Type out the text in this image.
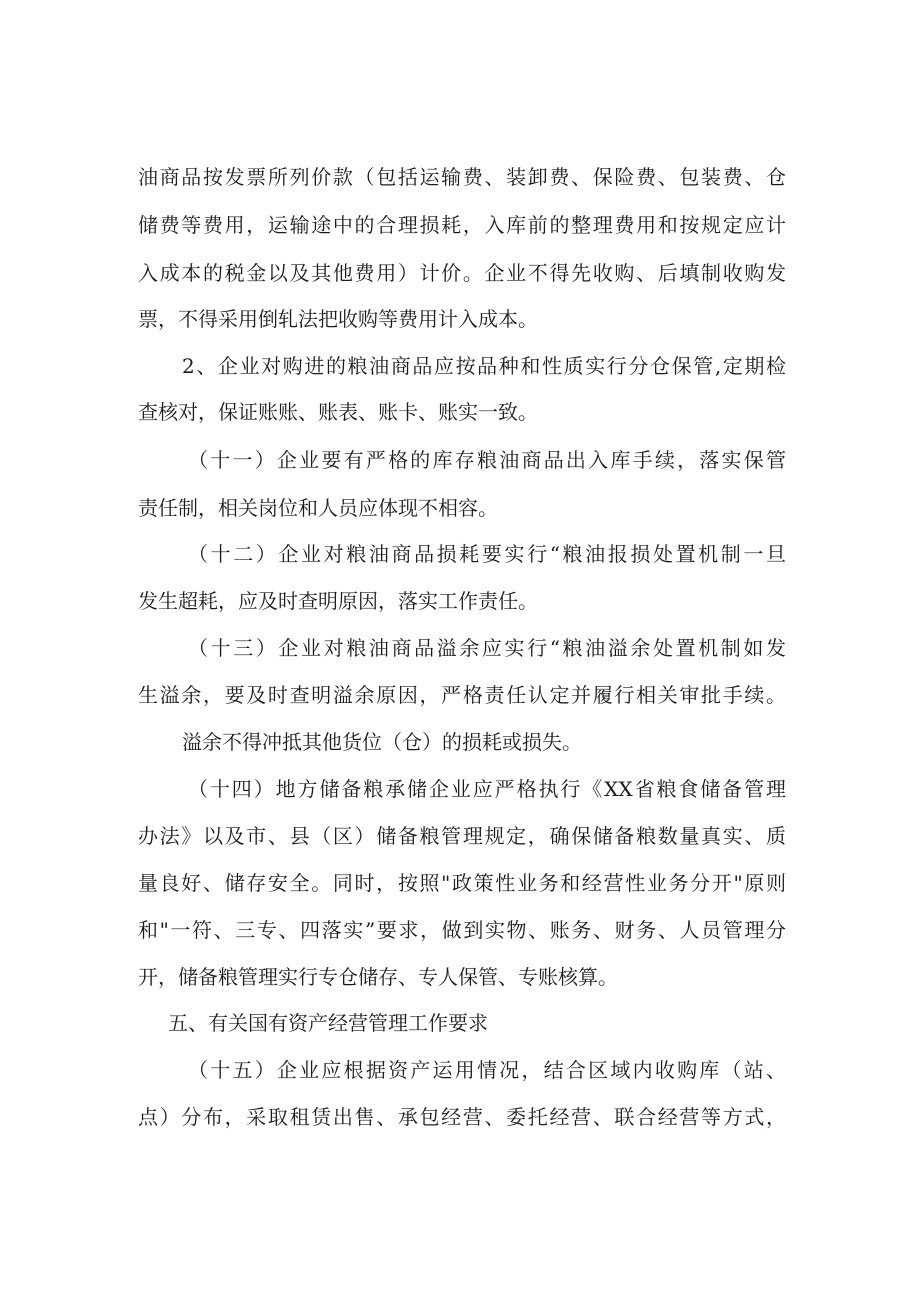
油商品按发票所列价款（包括运输费、装卸费、保险费、包装费、仓
储费等费用，运输途中的合理损耗，入库前的整理费用和按规定应计
入成本的税金以及其他费用）计价。企业不得先收购、后填制收购发
票，不得采用倒轧法把收购等费用计入成本。
2、企业对购进的粮油商品应按品种和性质实行分仓保管,定期检
查核对，保证账账、账表、账卡、账实一致。
（十一）企业要有严格的库存粮油商品出入库手续，落实保管
责任制，相关岗位和人员应体现不相容。
（十二）企业对粮油商品损耗要实行“粮油报损处置机制一旦
发生超耗，应及时查明原因，落实工作责任。
（十三）企业对粮油商品溢余应实行“粮油溢余处置机制如发
生溢余，要及时查明溢余原因，严格责任认定并履行相关审批手续。
溢余不得冲抵其他货位（仓）的损耗或损失。
（十四）地方储备粮承储企业应严格执行《XX省粮食储备管理
办法》以及市、县（区）储备粮管理规定，确保储备粮数量真实、质
量良好、储存安全。同时，按照"政策性业务和经营性业务分开"原则
和"一符、三专、四落实”要求，做到实物、账务、财务、人员管理分
开，储备粮管理实行专仓储存、专人保管、专账核算。
五、有关国有资产经营管理工作要求
（十五）企业应根据资产运用情况，结合区域内收购库（站、
点）分布，采取租赁出售、承包经营、委托经营、联合经营等方式，
